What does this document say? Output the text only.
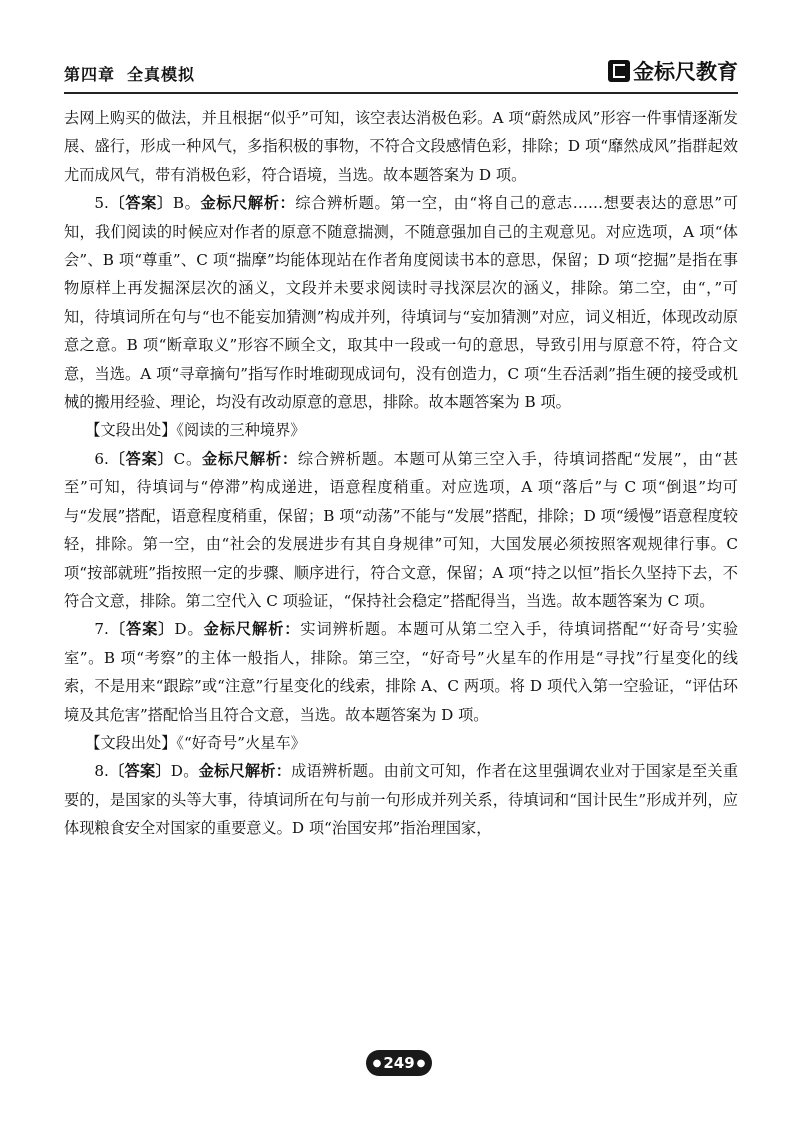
第四章 全真模拟	金标尺教育

去网上购买的做法，并且根据“似乎”可知，该空表达消极色彩。A 项“蔚然成风”形容一件事情逐渐发展、盛行，形成一种风气，多指积极的事物，不符合文段感情色彩，排除；D 项“靡然成风”指群起效尤而成风气，带有消极色彩，符合语境，当选。故本题答案为 D 项。

5.〔答案〕B。金标尺解析：综合辨析题。第一空，由“将自己的意志……想要表达的意思”可知，我们阅读的时候应对作者的原意不随意揣测，不随意强加自己的主观意见。对应选项，A 项“体会”、B 项“尊重”、C 项“揣摩”均能体现站在作者角度阅读书本的意思，保留；D 项“挖掘”是指在事物原样上再发掘深层次的涵义，文段并未要求阅读时寻找深层次的涵义，排除。第二空，由“，”可知，待填词所在句与“也不能妄加猜测”构成并列，待填词与“妄加猜测”对应，词义相近，体现改动原意之意。B 项“断章取义”形容不顾全文，取其中一段或一句的意思，导致引用与原意不符，符合文意，当选。A 项“寻章摘句”指写作时堆砌现成词句，没有创造力，C 项“生吞活剥”指生硬的接受或机械的搬用经验、理论，均没有改动原意的意思，排除。故本题答案为 B 项。

【文段出处】《阅读的三种境界》

6.〔答案〕C。金标尺解析：综合辨析题。本题可从第三空入手，待填词搭配“发展”，由“甚至”可知，待填词与“停滞”构成递进，语意程度稍重。对应选项，A 项“落后”与 C 项“倒退”均可与“发展”搭配，语意程度稍重，保留；B 项“动荡”不能与“发展”搭配，排除；D 项“缓慢”语意程度较轻，排除。第一空，由“社会的发展进步有其自身规律”可知，大国发展必须按照客观规律行事。C 项“按部就班”指按照一定的步骤、顺序进行，符合文意，保留；A 项“持之以恒”指长久坚持下去，不符合文意，排除。第二空代入 C 项验证，“保持社会稳定”搭配得当，当选。故本题答案为 C 项。

7.〔答案〕D。金标尺解析：实词辨析题。本题可从第二空入手，待填词搭配“‘好奇号’实验室”。B 项“考察”的主体一般指人，排除。第三空，“好奇号”火星车的作用是“寻找”行星变化的线索，不是用来“跟踪”或“注意”行星变化的线索，排除 A、C 两项。将 D 项代入第一空验证，“评估环境及其危害”搭配恰当且符合文意，当选。故本题答案为 D 项。

【文段出处】《“好奇号”火星车》

8.〔答案〕D。金标尺解析：成语辨析题。由前文可知，作者在这里强调农业对于国家是至关重要的，是国家的头等大事，待填词所在句与前一句形成并列关系，待填词和“国计民生”形成并列，应体现粮食安全对国家的重要意义。D 项“治国安邦”指治理国家，

● 249 ●
